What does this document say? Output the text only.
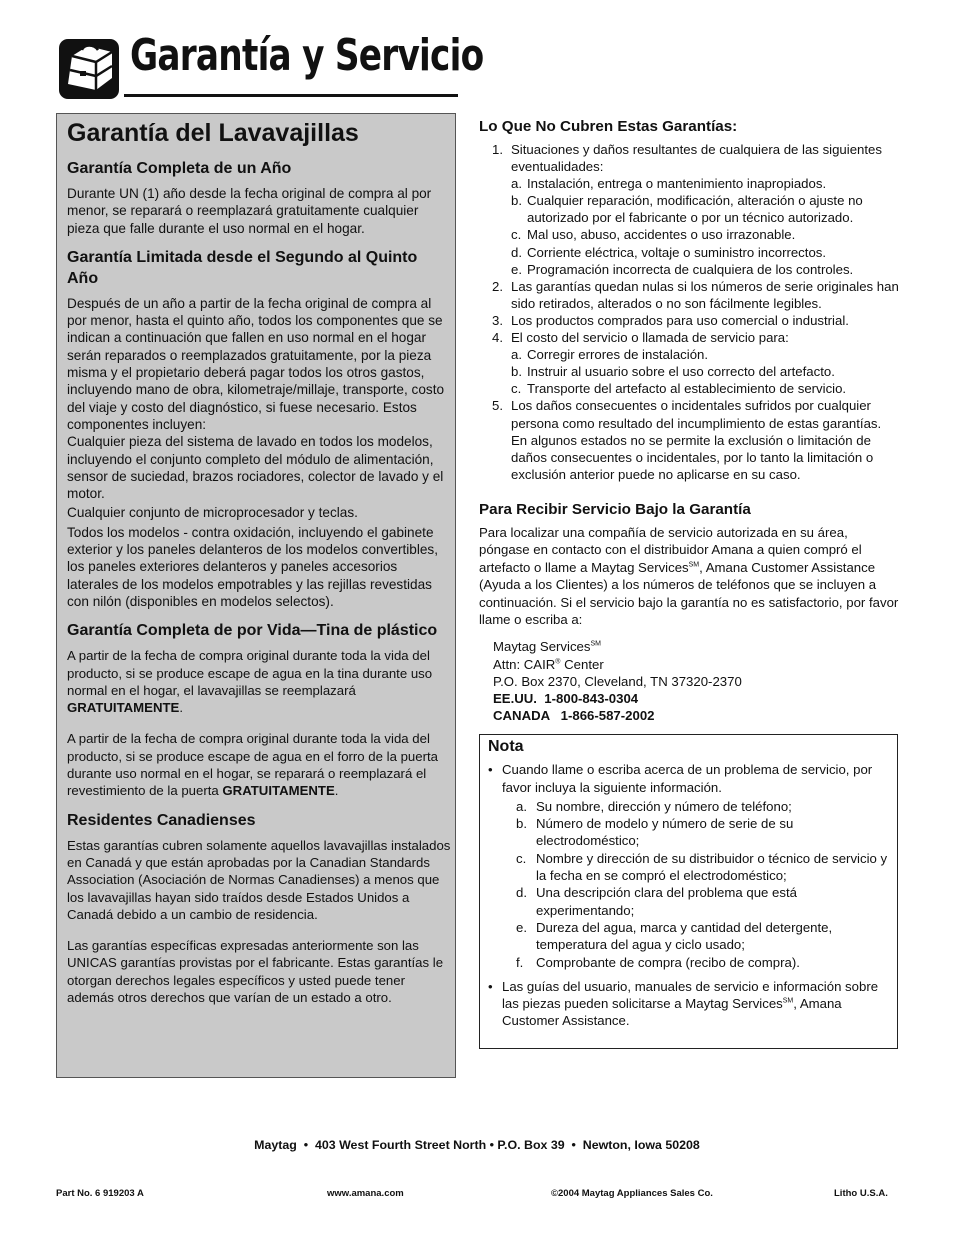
Garantía y Servicio
Garantía del Lavavajillas
Garantía Completa de un Año

Durante UN (1) año desde la fecha original de compra al por menor, se reparará o reemplazará gratuitamente cualquier pieza que falle durante el uso normal en el hogar.

Garantía Limitada desde el Segundo al Quinto Año

Después de un año a partir de la fecha original de compra al por menor, hasta el quinto año, todos los componentes que se indican a continuación que fallen en uso normal en el hogar serán reparados o reemplazados gratuitamente, por la pieza misma y el propietario deberá pagar todos los otros gastos, incluyendo mano de obra, kilometraje/millaje, transporte, costo del viaje y costo del diagnóstico, si fuese necesario. Estos componentes incluyen:

Cualquier pieza del sistema de lavado en todos los modelos, incluyendo el conjunto completo del módulo de alimentación, sensor de suciedad, brazos rociadores, colector de lavado y el motor.

Cualquier conjunto de microprocesador y teclas.

Todos los modelos - contra oxidación, incluyendo el gabinete exterior y los paneles delanteros de los modelos convertibles, los paneles exteriores delanteros y paneles accesorios laterales de los modelos empotrables y las rejillas revestidas con nilón (disponibles en modelos selectos).

Garantía Completa de por Vida—Tina de plástico

A partir de la fecha de compra original durante toda la vida del producto, si se produce escape de agua en la tina durante uso normal en el hogar, el lavavajillas se reemplazará GRATUITAMENTE.

A partir de la fecha de compra original durante toda la vida del producto, si se produce escape de agua en el forro de la puerta durante uso normal en el hogar, se reparará o reemplazará el revestimiento de la puerta GRATUITAMENTE.

Residentes Canadienses

Estas garantías cubren solamente aquellos lavavajillas instalados en Canadá y que están aprobadas por la Canadian Standards Association (Asociación de Normas Canadienses) a menos que los lavavajillas hayan sido traídos desde Estados Unidos a Canadá debido a un cambio de residencia.

Las garantías específicas expresadas anteriormente son las UNICAS garantías provistas por el fabricante. Estas garantías le otorgan derechos legales específicos y usted puede tener además otros derechos que varían de un estado a otro.

Lo Que No Cubren Estas Garantías:
1. Situaciones y daños resultantes de cualquiera de las siguientes eventualidades:
a. Instalación, entrega o mantenimiento inapropiados.
b. Cualquier reparación, modificación, alteración o ajuste no autorizado por el fabricante o por un técnico autorizado.
c. Mal uso, abuso, accidentes o uso irrazonable.
d. Corriente eléctrica, voltaje o suministro incorrectos.
e. Programación incorrecta de cualquiera de los controles.
2. Las garantías quedan nulas si los números de serie originales han sido retirados, alterados o no son fácilmente legibles.
3. Los productos comprados para uso comercial o industrial.
4. El costo del servicio o llamada de servicio para:
a. Corregir errores de instalación.
b. Instruir al usuario sobre el uso correcto del artefacto.
c. Transporte del artefacto al establecimiento de servicio.
5. Los daños consecuentes o incidentales sufridos por cualquier persona como resultado del incumplimiento de estas garantías. En algunos estados no se permite la exclusión o limitación de daños consecuentes o incidentales, por lo tanto la limitación o exclusión anterior puede no aplicarse en su caso.
Para Recibir Servicio Bajo la Garantía

Para localizar una compañía de servicio autorizada en su área, póngase en contacto con el distribuidor Amana a quien compró el artefacto o llame a Maytag Services℠, Amana Customer Assistance (Ayuda a los Clientes) a los números de teléfonos que se incluyen a continuación. Si el servicio bajo la garantía no es satisfactorio, por favor llame o escriba a:

Maytag Services℠
Attn: CAIR® Center
P.O. Box 2370, Cleveland, TN 37320-2370
EE.UU.  1-800-843-0304
CANADA   1-866-587-2002
Nota
• Cuando llame o escriba acerca de un problema de servicio, por favor incluya la siguiente información.
a. Su nombre, dirección y número de teléfono;
b. Número de modelo y número de serie de su electrodoméstico;
c. Nombre y dirección de su distribuidor o técnico de servicio y la fecha en se compró el electrodoméstico;
d. Una descripción clara del problema que está experimentando;
e. Dureza del agua, marca y cantidad del detergente, temperatura del agua y ciclo usado;
f. Comprobante de compra (recibo de compra).
• Las guías del usuario, manuales de servicio e información sobre las piezas pueden solicitarse a Maytag Services℠, Amana Customer Assistance.
Maytag  •  403 West Fourth Street North • P.O. Box 39  •  Newton, Iowa 50208
Part No. 6 919203 A	www.amana.com	©2004 Maytag Appliances Sales Co.	Litho U.S.A.
